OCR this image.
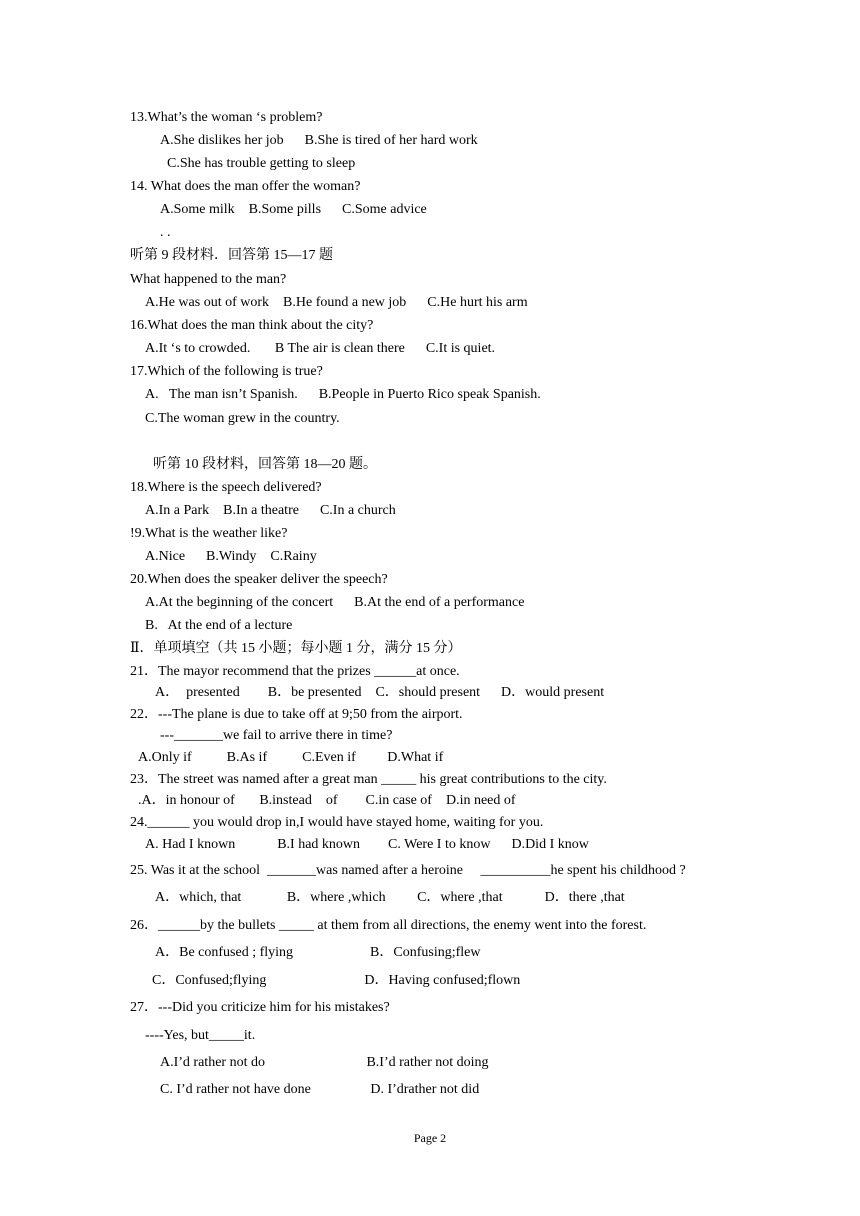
13.What’s the woman ‘s problem?
A.She dislikes her job      B.She is tired of her hard work
C.She has trouble getting to sleep
14. What does the man offer the woman?
A.Some milk    B.Some pills      C.Some advice
. .
听第 9 段材料．回答第 15—17 题
What happened to the man?
A.He was out of work    B.He found a new job      C.He hurt his arm
16.What does the man think about the city?
A.It ‘s to crowded.       B The air is clean there      C.It is quiet.
17.Which of the following is true?
A.   The man isn’t Spanish.      B.People in Puerto Rico speak Spanish.
C.The woman grew in the country.
听第 10 段材料，回答第 18—20 题。
18.Where is the speech delivered?
A.In a Park    B.In a theatre      C.In a church
!9.What is the weather like?
A.Nice      B.Windy    C.Rainy
20.When does the speaker deliver the speech?
A.At the beginning of the concert      B.At the end of a performance
B.   At the end of a lecture
Ⅱ．单项填空（共 15 小题；每小题 1 分，满分 15 分）
21．The mayor recommend that the prizes ______at once.
A．  presented        B．be presented    C．should present      D．would present
22．---The plane is due to take off at 9;50 from the airport.
---_______we fail to arrive there in time?
A.Only if          B.As if          C.Even if         D.What if
23．The street was named after a great man _____ his great contributions to the city.
.A．in honour of       B.instead    of        C.in case of    D.in need of
24.______ you would drop in,I would have stayed home, waiting for you.
A. Had I known            B.I had known        C. Were I to know      D.Did I know
25. Was it at the school  _______was named after a heroine     __________he spent his childhood ?
A．which, that             B．where ,which         C．where ,that            D．there ,that
26．______by the bullets _____ at them from all directions, the enemy went into the forest.
A．Be confused ; flying                      B．Confusing;flew
C．Confused;flying                            D．Having confused;flown
27．---Did you criticize him for his mistakes?
----Yes, but_____it.
A.I’d rather not do                             B.I’d rather not doing
C. I’d rather not have done                 D. I’drather not did
Page 2
